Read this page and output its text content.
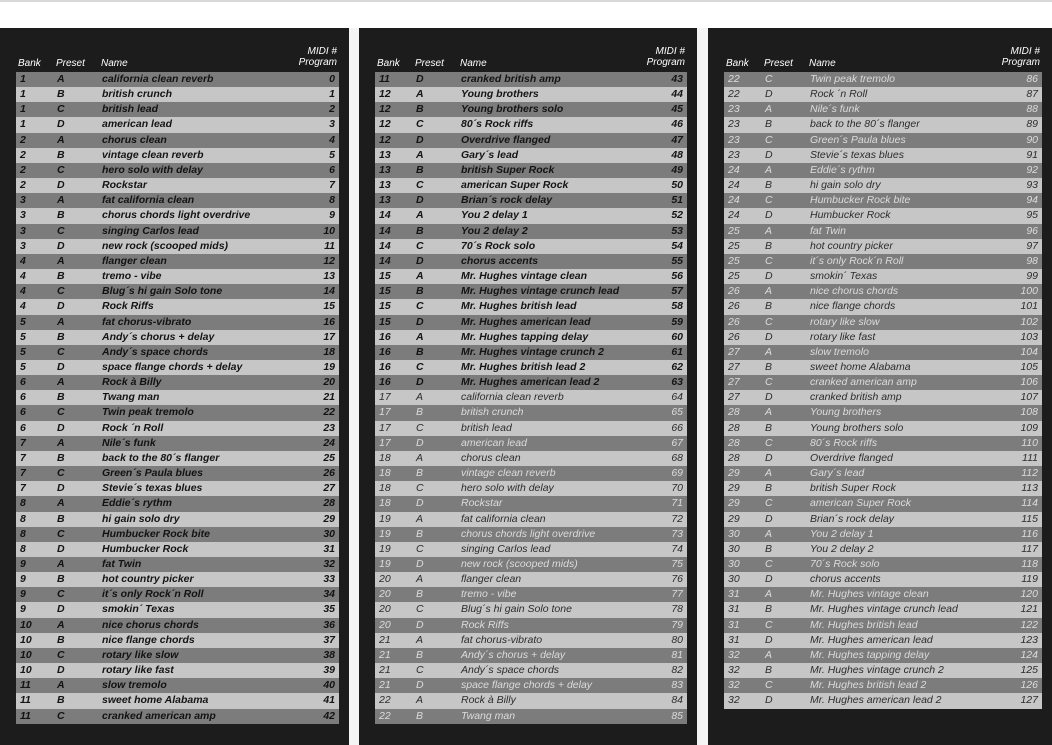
Bank Preset Name
MIDI #
Program
1	A	california clean reverb	0
1	B	british crunch	1
1	C	british lead	2
1	D	american lead	3
2	A	chorus clean	4
2	B	vintage clean reverb	5
2	C	hero solo with delay	6
2	D	Rockstar	7
3	A	fat california clean	8
3	B	chorus chords light overdrive	9
3	C	singing Carlos lead	10
3	D	new rock (scooped mids)	11
4	A	flanger clean	12
4	B	tremo - vibe	13
4	C	Blug´s hi gain Solo tone	14
4	D	Rock Riffs	15
5	A	fat chorus-vibrato	16
5	B	Andy´s chorus + delay	17
5	C	Andy´s space chords	18
5	D	space flange chords + delay	19
6	A	Rock à Billy	20
6	B	Twang man	21
6	C	Twin peak tremolo	22
6	D	Rock ´n Roll	23
7	A	Nile´s funk	24
7	B	back to the 80´s flanger	25
7	C	Green´s Paula blues	26
7	D	Stevie´s texas blues	27
8	A	Eddie´s rythm	28
8	B	hi gain solo dry	29
8	C	Humbucker Rock bite	30
8	D	Humbucker Rock	31
9	A	fat Twin	32
9	B	hot country picker	33
9	C	it´s only Rock´n Roll	34
9	D	smokin´ Texas	35
10 A	nice chorus chords	36
10 B	nice flange chords	37
10 C	rotary like slow	38
10 D	rotary like fast	39
11 A	slow tremolo	40
11 B	sweet home Alabama	41
11 C	cranked american amp	42
Bank Preset Name
MIDI #
Program
11 D	cranked british amp	43
12 A	Young brothers	44
12 B	Young brothers solo	45
12 C	80´s Rock riffs	46
12 D	Overdrive flanged	47
13 A	Gary´s lead	48
13 B	british Super Rock	49
13 C	american Super Rock	50
13 D	Brian´s rock delay	51
14 A	You 2 delay 1	52
14 B	You 2 delay 2	53
14 C	70´s Rock solo	54
14 D	chorus accents	55
15 A	Mr. Hughes vintage clean	56
15 B	Mr. Hughes vintage crunch lead	57
15 C	Mr. Hughes british lead	58
15 D	Mr. Hughes american lead	59
16 A	Mr. Hughes tapping delay	60
16 B	Mr. Hughes vintage crunch 2	61
16 C	Mr. Hughes british lead 2	62
16 D	Mr. Hughes american lead 2	63
17 A	california clean reverb	64
17 B	british crunch	65
17 C	british lead	66
17 D	american lead	67
18 A	chorus clean	68
18 B	vintage clean reverb	69
18 C	hero solo with delay	70
18 D	Rockstar	71
19 A	fat california clean	72
19 B	chorus chords light overdrive	73
19 C	singing Carlos lead	74
19 D	new rock (scooped mids)	75
20 A	flanger clean	76
20 B	tremo - vibe	77
20 C	Blug´s hi gain Solo tone	78
20 D	Rock Riffs	79
21 A	fat chorus-vibrato	80
21 B	Andy´s chorus + delay	81
21 C	Andy´s space chords	82
21 D	space flange chords + delay	83
22 A	Rock à Billy	84
22 B	Twang man	85
Bank Preset Name
MIDI #
Program
22 C	Twin peak tremolo	86
22 D	Rock ´n Roll	87
23 A	Nile´s funk	88
23 B	back to the 80´s flanger	89
23 C	Green´s Paula blues	90
23 D	Stevie´s texas blues	91
24 A	Eddie´s rythm	92
24 B	hi gain solo dry	93
24 C	Humbucker Rock bite	94
24 D	Humbucker Rock	95
25 A	fat Twin	96
25 B	hot country picker	97
25 C	it´s only Rock´n Roll	98
25 D	smokin´ Texas	99
26 A	nice chorus chords	100
26 B	nice flange chords	101
26 C	rotary like slow	102
26 D	rotary like fast	103
27 A	slow tremolo	104
27 B	sweet home Alabama	105
27 C	cranked american amp	106
27 D	cranked british amp	107
28 A	Young brothers	108
28 B	Young brothers solo	109
28 C	80´s Rock riffs	110
28 D	Overdrive flanged	111
29 A	Gary´s lead	112
29 B	british Super Rock	113
29 C	american Super Rock	114
29 D	Brian´s rock delay	115
30 A	You 2 delay 1	116
30 B	You 2 delay 2	117
30 C	70´s Rock solo	118
30 D	chorus accents	119
31 A	Mr. Hughes vintage clean	120
31 B	Mr. Hughes vintage crunch lead	121
31 C	Mr. Hughes british lead	122
31 D	Mr. Hughes american lead	123
32 A	Mr. Hughes tapping delay	124
32 B	Mr. Hughes vintage crunch 2	125
32 C	Mr. Hughes british lead 2	126
32 D	Mr. Hughes american lead 2	127
